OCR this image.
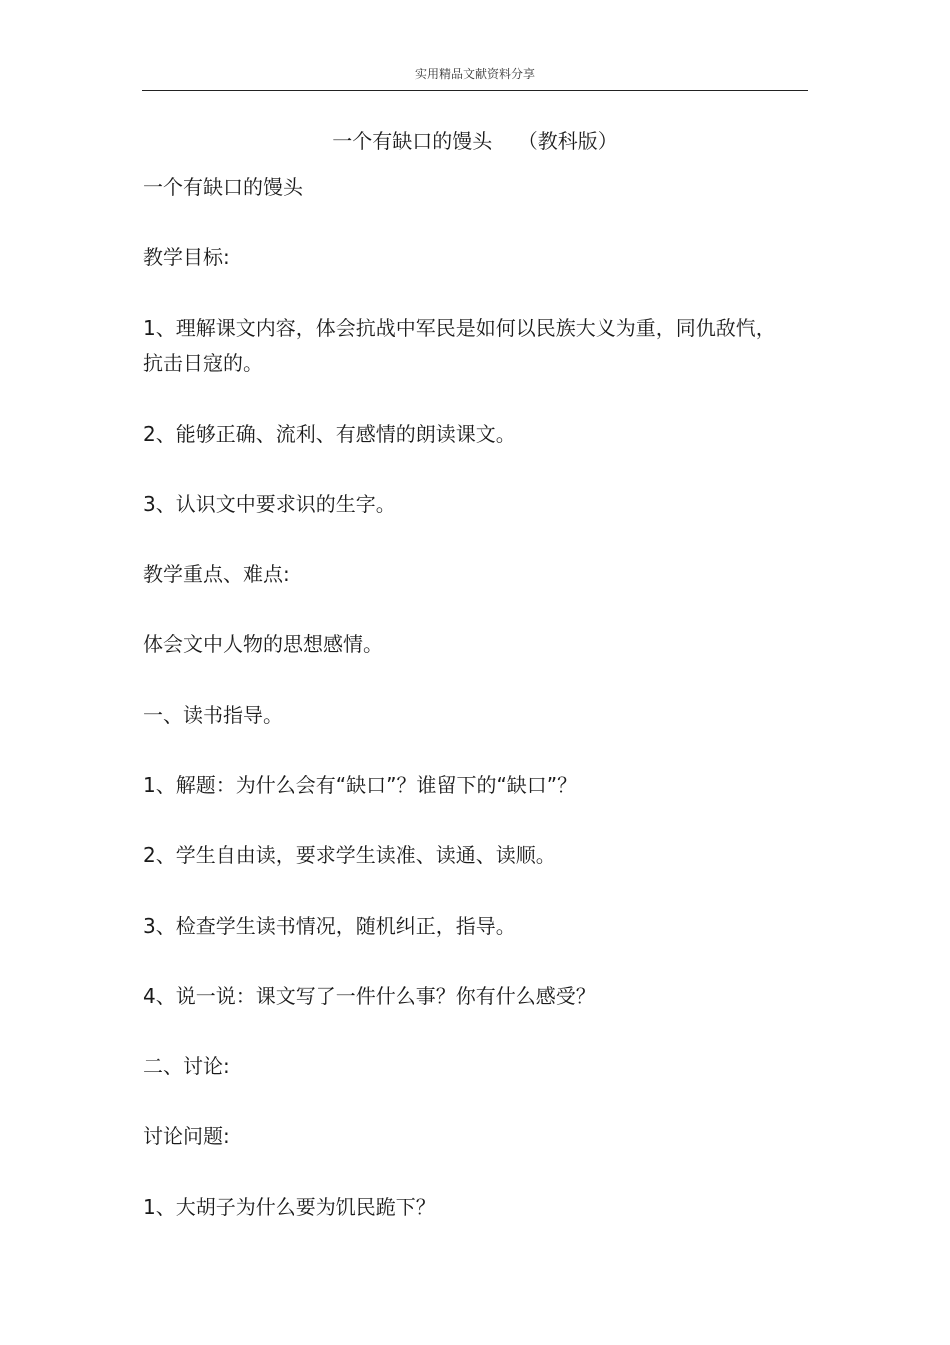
实用精品文献资料分享
一个有缺口的馒头    （教科版）

一个有缺口的馒头

教学目标:

1、理解课文内容，体会抗战中军民是如何以民族大义为重，同仇敌忾，抗击日寇的。

2、能够正确、流利、有感情的朗读课文。

3、认识文中要求识的生字。

教学重点、难点:

体会文中人物的思想感情。

一、读书指导。

1、解题：为什么会有“缺口”？谁留下的“缺口”？

2、学生自由读，要求学生读准、读通、读顺。

3、检查学生读书情况，随机纠正，指导。

4、说一说：课文写了一件什么事？你有什么感受？

二、讨论:

讨论问题:

1、大胡子为什么要为饥民跪下？
